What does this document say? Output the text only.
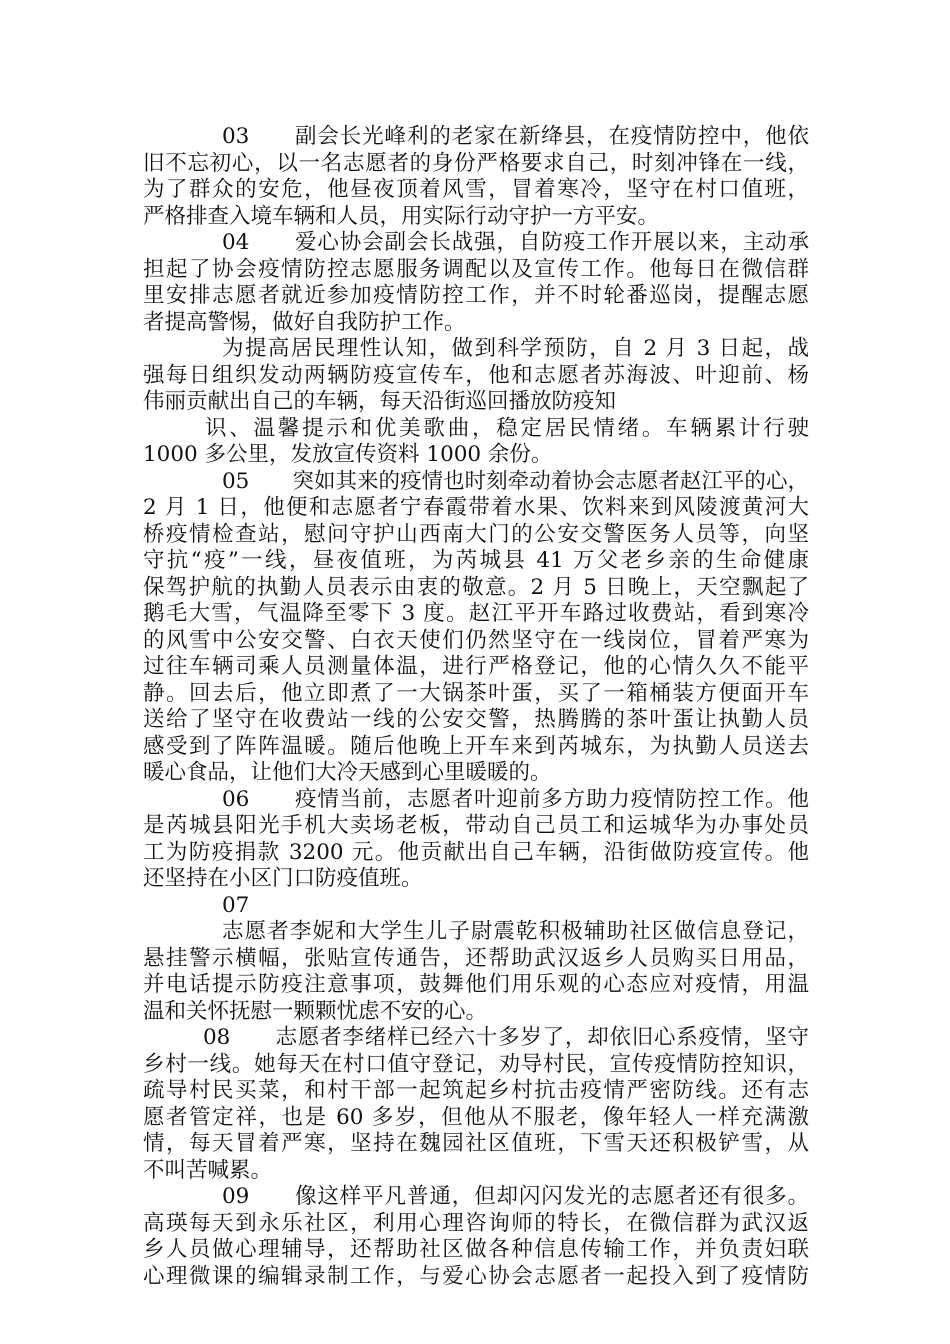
03　　副会长光峰利的老家在新绛县，在疫情防控中，他依
旧不忘初心，以一名志愿者的身份严格要求自己，时刻冲锋在一线，
为了群众的安危，他昼夜顶着风雪，冒着寒冷，坚守在村口值班，
严格排查入境车辆和人员，用实际行动守护一方平安。
04　　爱心协会副会长战强，自防疫工作开展以来，主动承
担起了协会疫情防控志愿服务调配以及宣传工作。他每日在微信群
里安排志愿者就近参加疫情防控工作，并不时轮番巡岗，提醒志愿
者提高警惕，做好自我防护工作。
为提高居民理性认知，做到科学预防，自 2 月 3 日起，战
强每日组织发动两辆防疫宣传车，他和志愿者苏海波、叶迎前、杨
伟丽贡献出自己的车辆，每天沿街巡回播放防疫知
识、温馨提示和优美歌曲，稳定居民情绪。车辆累计行驶
1000 多公里，发放宣传资料 1000 余份。
05　　突如其来的疫情也时刻牵动着协会志愿者赵江平的心，
2 月 1 日，他便和志愿者宁春霞带着水果、饮料来到风陵渡黄河大
桥疫情检查站，慰问守护山西南大门的公安交警医务人员等，向坚
守抗“疫”一线，昼夜值班，为芮城县 41 万父老乡亲的生命健康
保驾护航的执勤人员表示由衷的敬意。2 月 5 日晚上，天空飘起了
鹅毛大雪，气温降至零下 3 度。赵江平开车路过收费站，看到寒冷
的风雪中公安交警、白衣天使们仍然坚守在一线岗位，冒着严寒为
过往车辆司乘人员测量体温，进行严格登记，他的心情久久不能平
静。回去后，他立即煮了一大锅茶叶蛋，买了一箱桶装方便面开车
送给了坚守在收费站一线的公安交警，热腾腾的茶叶蛋让执勤人员
感受到了阵阵温暖。随后他晚上开车来到芮城东，为执勤人员送去
暖心食品，让他们大冷天感到心里暖暖的。
06　　疫情当前，志愿者叶迎前多方助力疫情防控工作。他
是芮城县阳光手机大卖场老板，带动自己员工和运城华为办事处员
工为防疫捐款 3200 元。他贡献出自己车辆，沿街做防疫宣传。他
还坚持在小区门口防疫值班。
07
志愿者李妮和大学生儿子尉震乾积极辅助社区做信息登记，
悬挂警示横幅，张贴宣传通告，还帮助武汉返乡人员购买日用品，
并电话提示防疫注意事项，鼓舞他们用乐观的心态应对疫情，用温
温和关怀抚慰一颗颗忧虑不安的心。
08　　志愿者李绪样已经六十多岁了，却依旧心系疫情，坚守
乡村一线。她每天在村口值守登记，劝导村民，宣传疫情防控知识，
疏导村民买菜，和村干部一起筑起乡村抗击疫情严密防线。还有志
愿者管定祥，也是 60 多岁，但他从不服老，像年轻人一样充满激
情，每天冒着严寒，坚持在魏园社区值班，下雪天还积极铲雪，从
不叫苦喊累。
09　　像这样平凡普通，但却闪闪发光的志愿者还有很多。
高瑛每天到永乐社区，利用心理咨询师的特长，在微信群为武汉返
乡人员做心理辅导，还帮助社区做各种信息传输工作，并负责妇联
心理微课的编辑录制工作，与爱心协会志愿者一起投入到了疫情防
